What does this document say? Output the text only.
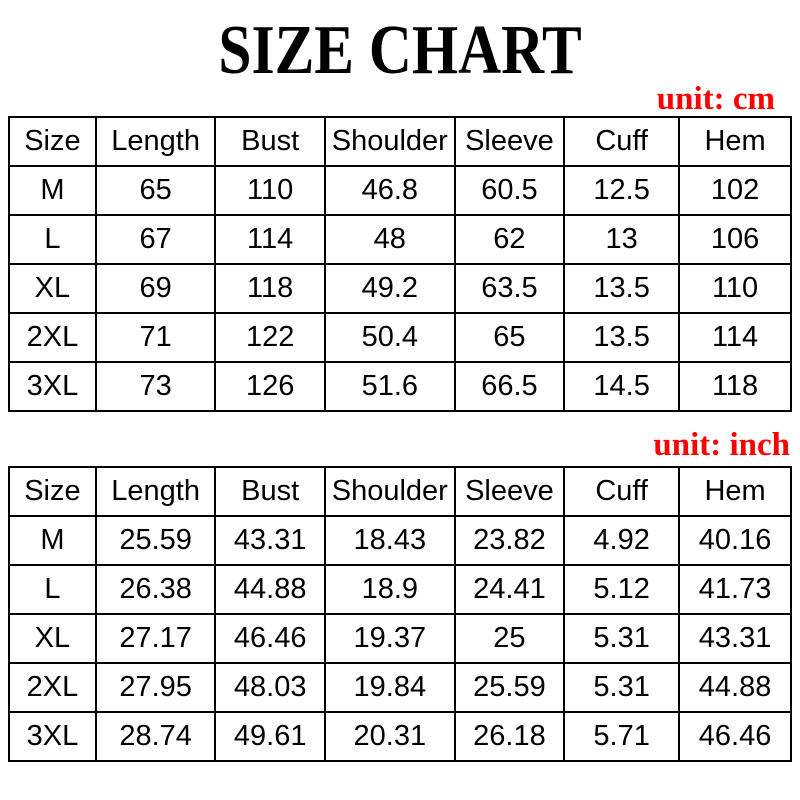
SIZE CHART
unit: cm
Size	Length	Bust	Shoulder	Sleeve	Cuff	Hem
M	65	110	46.8	60.5	12.5	102
L	67	114	48	62	13	106
XL	69	118	49.2	63.5	13.5	110
2XL	71	122	50.4	65	13.5	114
3XL	73	126	51.6	66.5	14.5	118
unit: inch
Size	Length	Bust	Shoulder	Sleeve	Cuff	Hem
M	25.59	43.31	18.43	23.82	4.92	40.16
L	26.38	44.88	18.9	24.41	5.12	41.73
XL	27.17	46.46	19.37	25	5.31	43.31
2XL	27.95	48.03	19.84	25.59	5.31	44.88
3XL	28.74	49.61	20.31	26.18	5.71	46.46
